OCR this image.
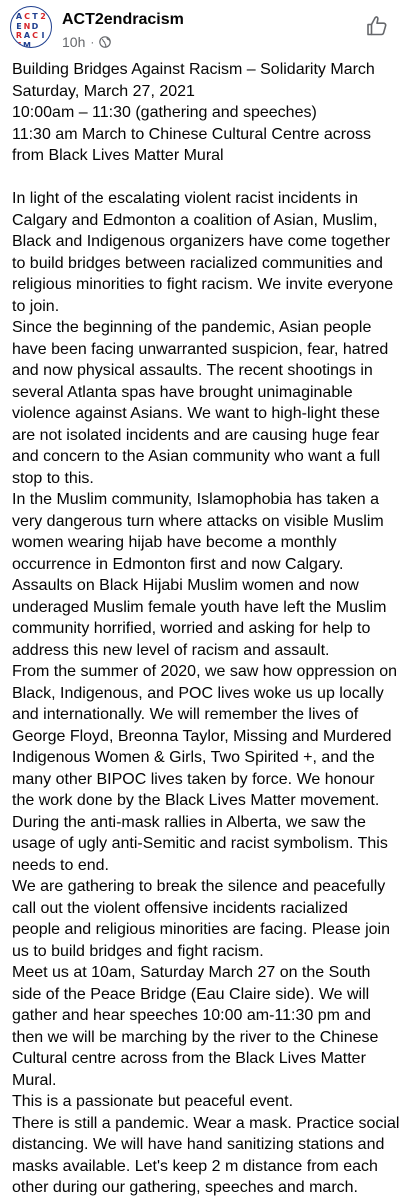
A C T 2
E N D
R A C I
S M
ACT2endracism
10h ·

Building Bridges Against Racism – Solidarity March

Saturday, March 27, 2021

10:00am – 11:30 (gathering and speeches)

11:30 am March to Chinese Cultural Centre across from Black Lives Matter Mural

In light of the escalating violent racist incidents in Calgary and Edmonton a coalition of Asian, Muslim, Black and Indigenous organizers have come together to build bridges between racialized communities and religious minorities to fight racism. We invite everyone to join.

Since the beginning of the pandemic, Asian people have been facing unwarranted suspicion, fear, hatred and now physical assaults. The recent shootings in several Atlanta spas have brought unimaginable violence against Asians. We want to high-light these are not isolated incidents and are causing huge fear and concern to the Asian community who want a full stop to this.

In the Muslim community, Islamophobia has taken a very dangerous turn where attacks on visible Muslim women wearing hijab have become a monthly occurrence in Edmonton first and now Calgary. Assaults on Black Hijabi Muslim women and now underaged Muslim female youth have left the Muslim community horrified, worried and asking for help to address this new level of racism and assault.

From the summer of 2020, we saw how oppression on Black, Indigenous, and POC lives woke us up locally and internationally. We will remember the lives of George Floyd, Breonna Taylor, Missing and Murdered Indigenous Women & Girls, Two Spirited +, and the many other BIPOC lives taken by force. We honour the work done by the Black Lives Matter movement.

During the anti-mask rallies in Alberta, we saw the usage of ugly anti-Semitic and racist symbolism. This needs to end.

We are gathering to break the silence and peacefully call out the violent offensive incidents racialized people and religious minorities are facing. Please join us to build bridges and fight racism.

Meet us at 10am, Saturday March 27 on the South side of the Peace Bridge (Eau Claire side). We will gather and hear speeches 10:00 am-11:30 pm and then we will be marching by the river to the Chinese Cultural centre across from the Black Lives Matter Mural.

This is a passionate but peaceful event.

There is still a pandemic. Wear a mask. Practice social distancing. We will have hand sanitizing stations and masks available. Let's keep 2 m distance from each other during our gathering, speeches and march.
